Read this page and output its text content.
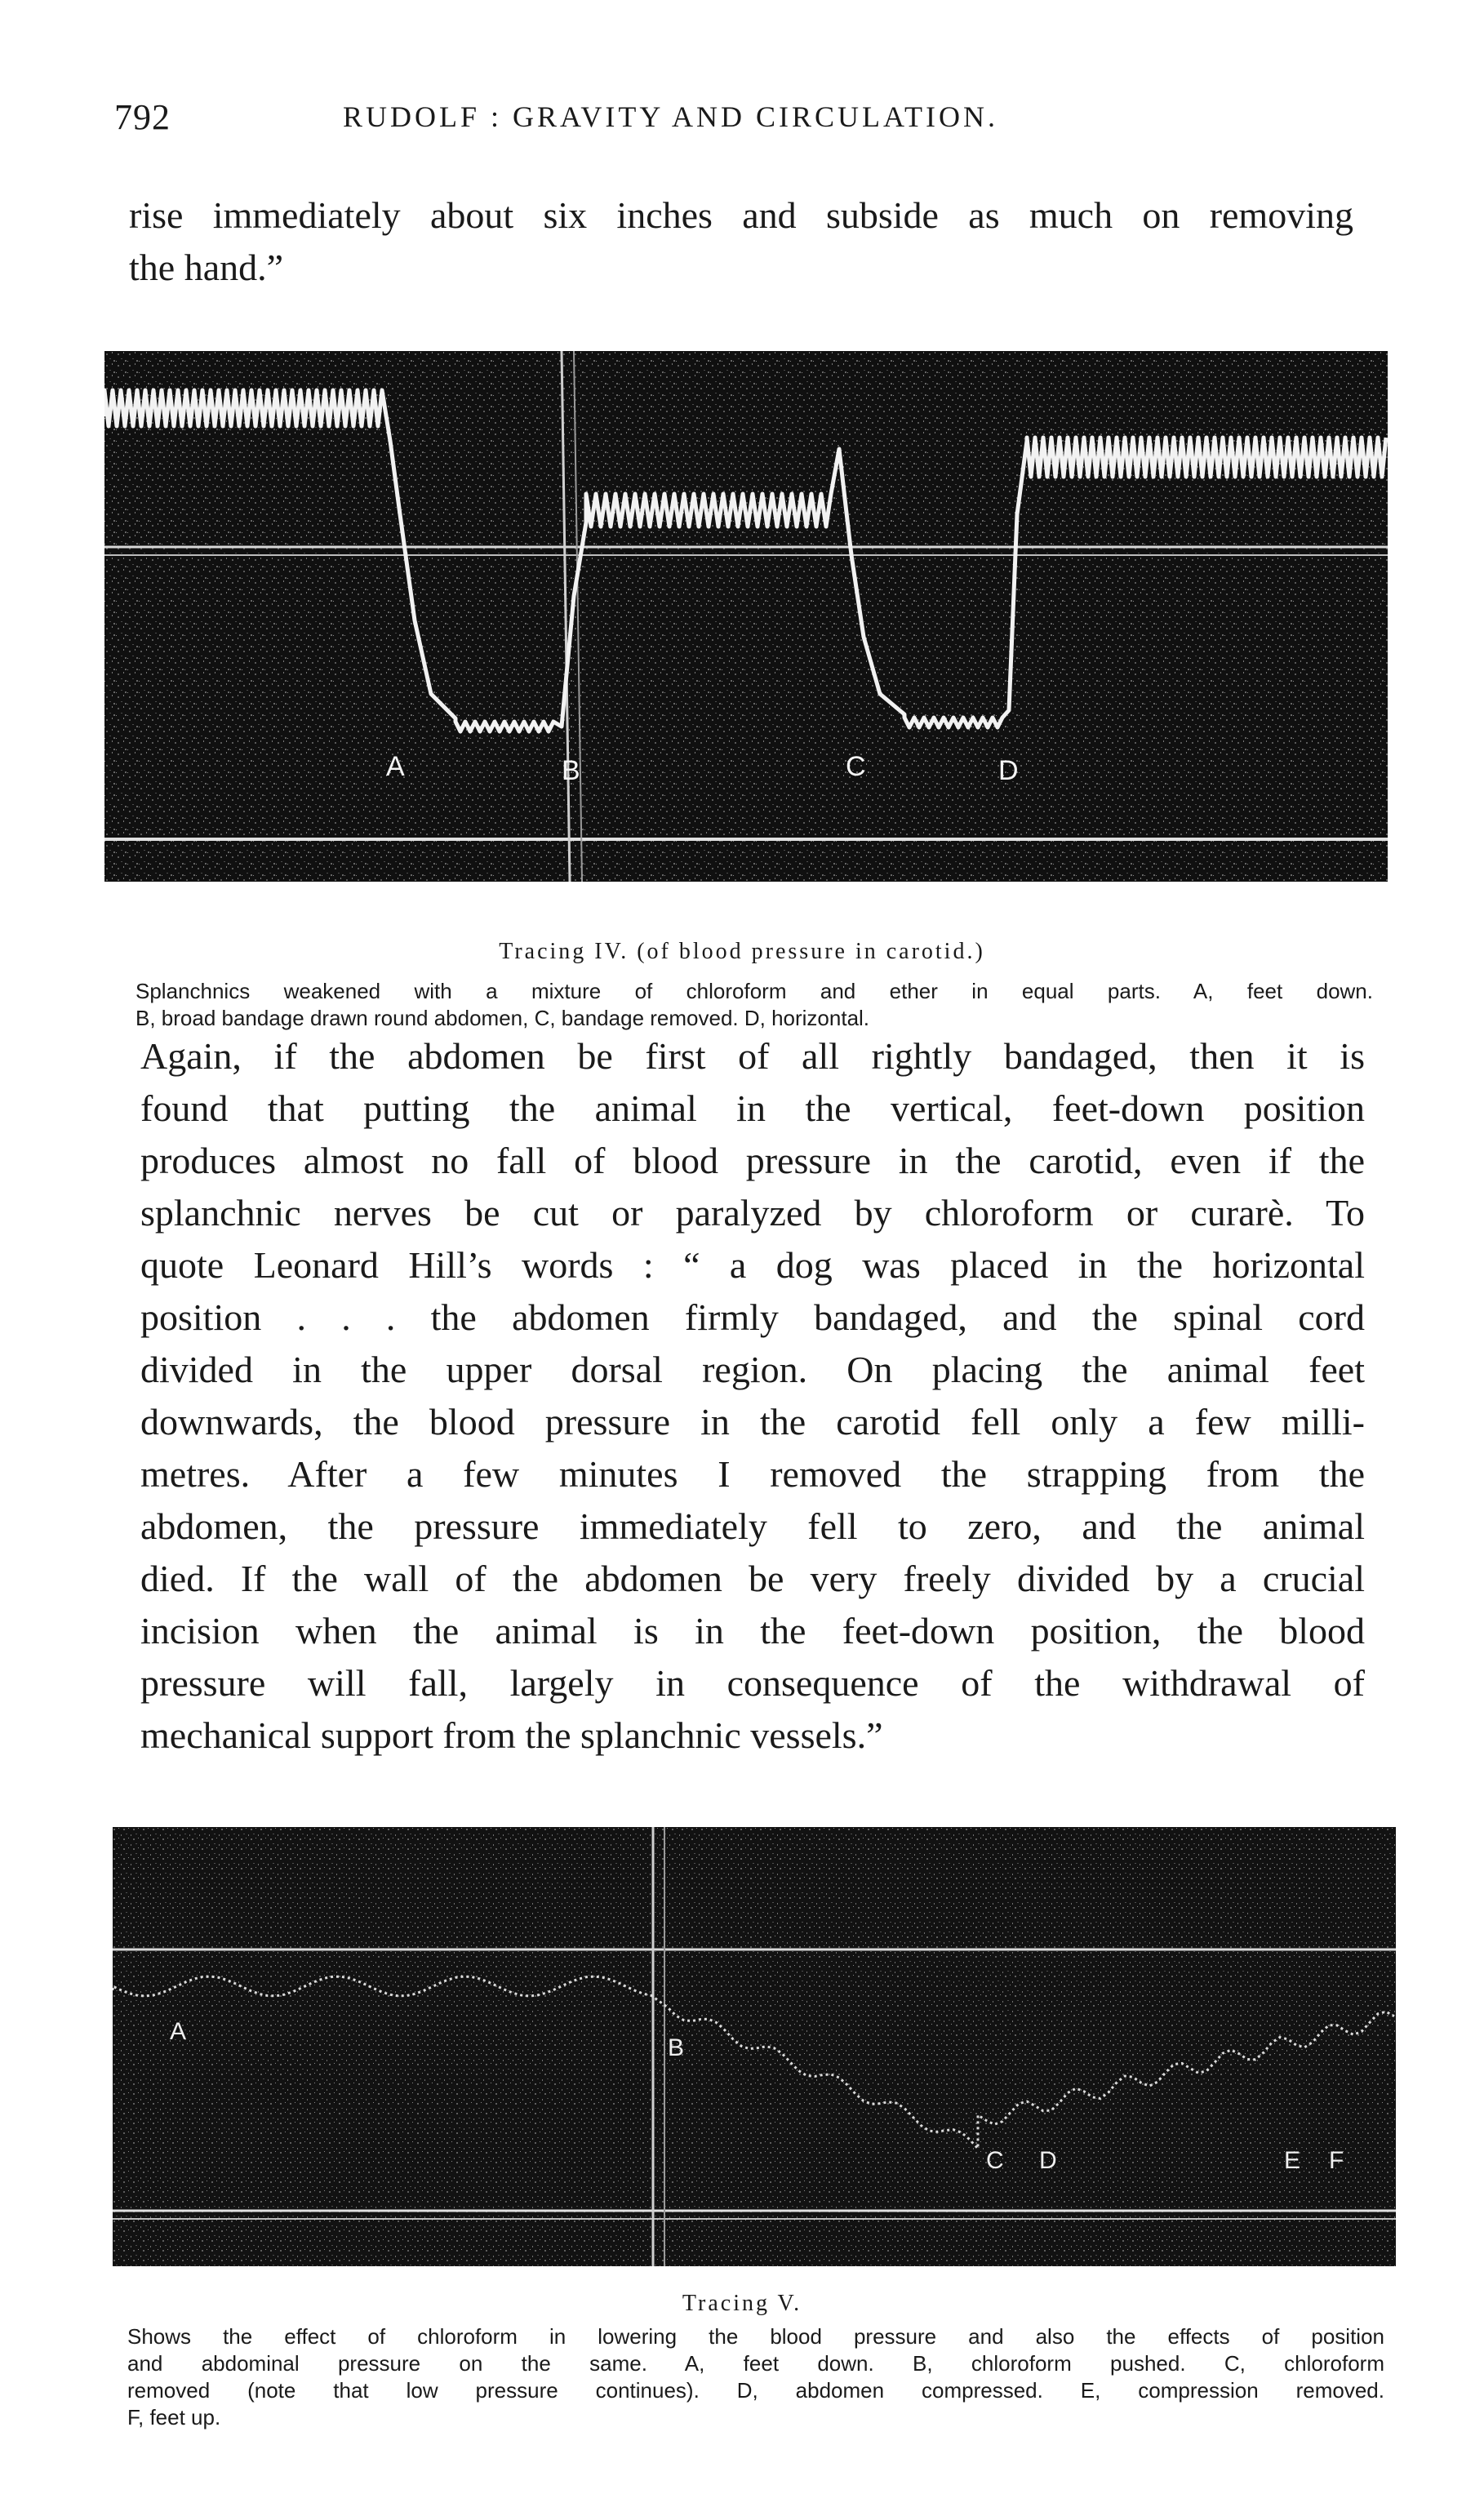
792	RUDOLF : GRAVITY AND CIRCULATION.

rise immediately about six inches and subside as much on removing
the hand.”

A	B	C	D
Tracing IV. (of blood pressure in carotid.)

Splanchnics weakened with a mixture of chloroform and ether in equal parts. A, feet down.
B, broad bandage drawn round abdomen, C, bandage removed. D, horizontal.

Again, if the abdomen be first of all rightly bandaged, then it is
found that putting the animal in the vertical, feet-down position
produces almost no fall of blood pressure in the carotid, even if the
splanchnic nerves be cut or paralyzed by chloroform or curarè. To
quote Leonard Hill’s words : “ a dog was placed in the horizontal
position . . . the abdomen firmly bandaged, and the spinal cord
divided in the upper dorsal region. On placing the animal feet
downwards, the blood pressure in the carotid fell only a few milli-
metres. After a few minutes I removed the strapping from the
abdomen, the pressure immediately fell to zero, and the animal
died. If the wall of the abdomen be very freely divided by a crucial
incision when the animal is in the feet-down position, the blood
pressure will fall, largely in consequence of the withdrawal of
mechanical support from the splanchnic vessels.”

A
B
C D	E F
Tracing V.

Shows the effect of chloroform in lowering the blood pressure and also the effects of position
and abdominal pressure on the same. A, feet down. B, chloroform pushed. C, chloroform
removed (note that low pressure continues). D, abdomen compressed. E, compression removed.
F, feet up.
